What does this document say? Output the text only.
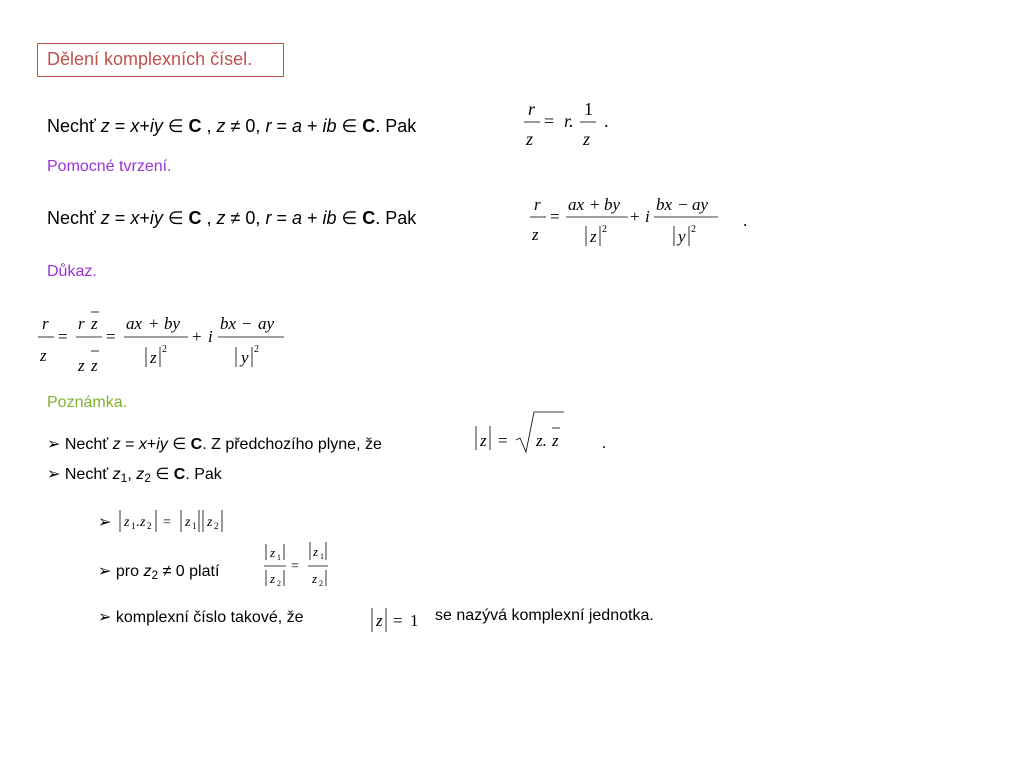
Dělení komplexních čísel.
Nechť z = x+iy ∈ C , z ≠ 0, r = a + ib ∈ C. Pak
r
z
= r.
1
z
.
Pomocné tvrzení.
Nechť z = x+iy ∈ C , z ≠ 0, r = a + ib ∈ C. Pak
r
z
=
ax + by
z 2
+ i
bx − ay
y 2	.
Důkaz.
r
z
=
r z
z z
=
ax + by
z 2
+ i
bx − ay
y 2
Poznámka.
➢ Nechť z = x+iy ∈ C. Z předchozího plyne, že	z = z. z	.
➢ Nechť $z_1$, $z_2$ ∈ C. Pak
➢ z 1 . z 2 = z 1 z 2
➢ pro $z_2 \ne 0$ platí
z 1
z 2
=
z 1
z 2
➢ komplexní číslo takové, že	z = 1 se nazývá komplexní jednotka.
